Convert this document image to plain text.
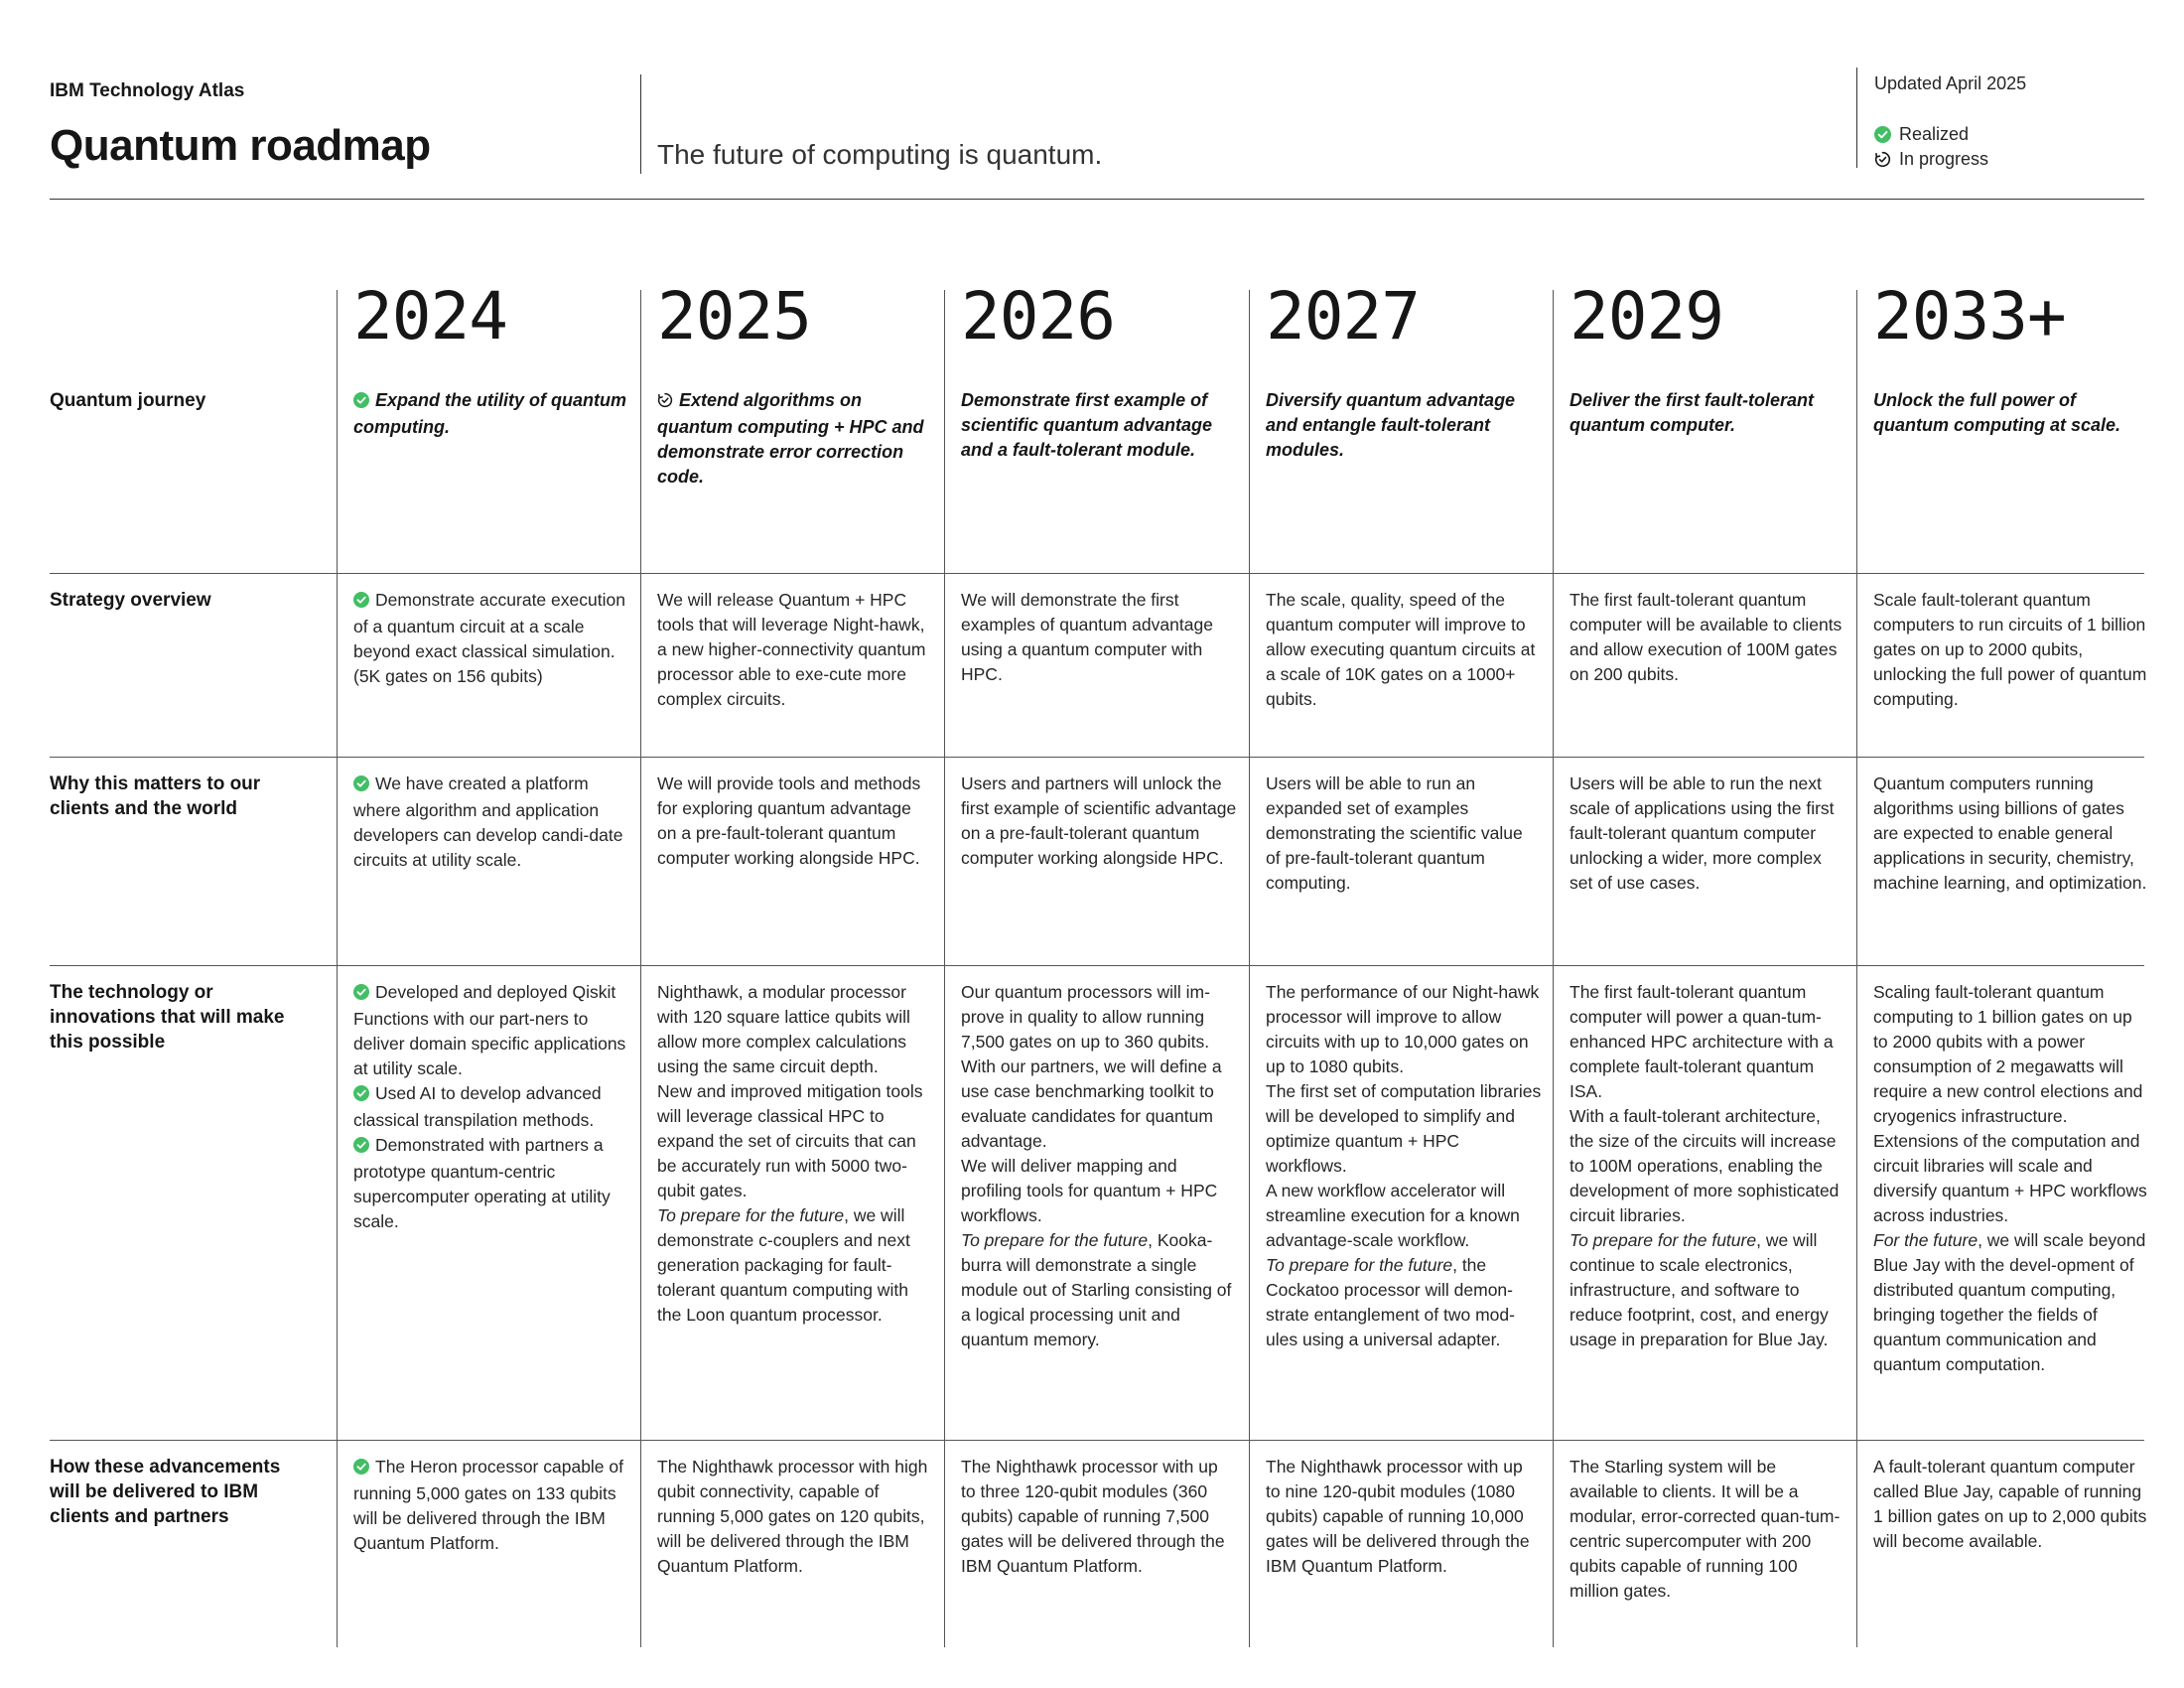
IBM Technology Atlas
Quantum roadmap	The future of computing is quantum.
Updated April 2025
Realized
In progress
2024 2025 2026 2027 2029 2033+
Quantum journey
Strategy overview
Why this matters to our clients and the world
The technology or innovations that will make this possible
How these advancements will be delivered to IBM clients and partners
Expand the utility of quantum computing.
Demonstrate accurate execution of a quantum circuit at a scale beyond exact classical simulation. (5K gates on 156 qubits)
We have created a platform where algorithm and application developers can develop candi-date circuits at utility scale.

Developed and deployed Qiskit Functions with our part-ners to deliver domain specific applications at utility scale.

Used AI to develop advanced classical transpilation methods.

Demonstrated with partners a prototype quantum-centric supercomputer operating at utility scale.

The Heron processor capable of running 5,000 gates on 133 qubits will be delivered through the IBM Quantum Platform.
Extend algorithms on quantum computing + HPC and demonstrate error correction code.
We will release Quantum + HPC tools that will leverage Night-hawk, a new higher-connectivity quantum processor able to exe-cute more complex circuits.
We will provide tools and methods for exploring quantum advantage on a pre-fault-tolerant quantum computer working alongside HPC.

Nighthawk, a modular processor with 120 square lattice qubits will allow more complex calculations using the same circuit depth.

New and improved mitigation tools will leverage classical HPC to expand the set of circuits that can be accurately run with 5000 two-qubit gates.

To prepare for the future, we will demonstrate c-couplers and next generation packaging for fault-tolerant quantum computing with the Loon quantum processor.

The Nighthawk processor with high qubit connectivity, capable of running 5,000 gates on 120 qubits, will be delivered through the IBM Quantum Platform.
Demonstrate first example of scientific quantum advantage and a fault-tolerant module.
We will demonstrate the first examples of quantum advantage using a quantum computer with HPC.
Users and partners will unlock the first example of scientific advantage on a pre-fault-tolerant quantum computer working alongside HPC.

Our quantum processors will im-prove in quality to allow running 7,500 gates on up to 360 qubits.

With our partners, we will define a use case benchmarking toolkit to evaluate candidates for quantum advantage.

We will deliver mapping and profiling tools for quantum + HPC workflows.

To prepare for the future, Kooka-burra will demonstrate a single module out of Starling consisting of a logical processing unit and quantum memory.

The Nighthawk processor with up to three 120-qubit modules (360 qubits) capable of running 7,500 gates will be delivered through the IBM Quantum Platform.
Diversify quantum advantage and entangle fault-tolerant modules.
The scale, quality, speed of the quantum computer will improve to allow executing quantum circuits at a scale of 10K gates on a 1000+ qubits.
Users will be able to run an expanded set of examples demonstrating the scientific value of pre-fault-tolerant quantum computing.

The performance of our Night-hawk processor will improve to allow circuits with up to 10,000 gates on up to 1080 qubits.

The first set of computation libraries will be developed to simplify and optimize quantum + HPC workflows.

A new workflow accelerator will streamline execution for a known advantage-scale workflow.

To prepare for the future, the Cockatoo processor will demon-strate entanglement of two mod-ules using a universal adapter.

The Nighthawk processor with up to nine 120-qubit modules (1080 qubits) capable of running 10,000 gates will be delivered through the IBM Quantum Platform.
Deliver the first fault-tolerant quantum computer.
The first fault-tolerant quantum computer will be available to clients and allow execution of 100M gates on 200 qubits.
Users will be able to run the next scale of applications using the first fault-tolerant quantum computer unlocking a wider, more complex set of use cases.

The first fault-tolerant quantum computer will power a quan-tum-enhanced HPC architecture with a complete fault-tolerant quantum ISA.

With a fault-tolerant architecture, the size of the circuits will increase to 100M operations, enabling the development of more sophisticated circuit libraries.

To prepare for the future, we will continue to scale electronics, infrastructure, and software to reduce footprint, cost, and energy usage in preparation for Blue Jay.

The Starling system will be available to clients. It will be a modular, error-corrected quan-tum-centric supercomputer with 200 qubits capable of running 100 million gates.
Unlock the full power of quantum computing at scale.
Scale fault-tolerant quantum computers to run circuits of 1 billion gates on up to 2000 qubits, unlocking the full power of quantum computing.
Quantum computers running algorithms using billions of gates are expected to enable general applications in security, chemistry, machine learning, and optimization.

Scaling fault-tolerant quantum computing to 1 billion gates on up to 2000 qubits with a power consumption of 2 megawatts will require a new control elections and cryogenics infrastructure.

Extensions of the computation and circuit libraries will scale and diversify quantum + HPC workflows across industries.

For the future, we will scale beyond Blue Jay with the devel-opment of distributed quantum computing, bringing together the fields of quantum communication and quantum computation.

A fault-tolerant quantum computer called Blue Jay, capable of running 1 billion gates on up to 2,000 qubits will become available.
